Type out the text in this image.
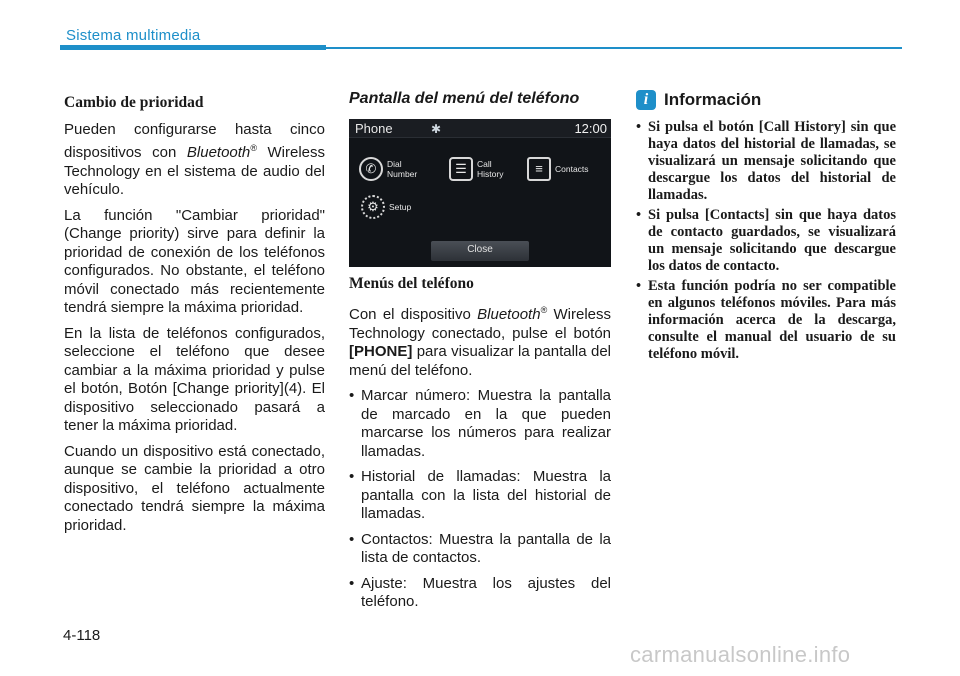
Sistema multimedia
Cambio de prioridad

Pueden configurarse hasta cinco dispositivos con Bluetooth® Wireless Technology en el sistema de audio del vehículo.

La función "Cambiar prioridad" (Change priority) sirve para definir la prioridad de conexión de los teléfonos configurados. No obstante, el teléfono móvil conectado más recientemente tendrá siempre la máxima prioridad.

En la lista de teléfonos configurados, seleccione el teléfono que desee cambiar a la máxima prioridad y pulse el botón, Botón [Change priority](4). El dispositivo seleccionado pasará a tener la máxima prioridad.

Cuando un dispositivo está conectado, aunque se cambie la prioridad a otro dispositivo, el teléfono actualmente conectado tendrá siempre la máxima prioridad.

Pantalla del menú del teléfono
Phone	✱	12:00
✆	Dial
Number	☰	Call
History	≡	Contacts
⚙	Setup
Close
Menús del teléfono

Con el dispositivo Bluetooth® Wireless Technology conectado, pulse el botón [PHONE] para visualizar la pantalla del menú del teléfono.

• Marcar número: Muestra la pantalla de marcado en la que pueden marcarse los números para realizar llamadas.
• Historial de llamadas: Muestra la pantalla con la lista del historial de llamadas.
• Contactos: Muestra la pantalla de la lista de contactos.
• Ajuste: Muestra los ajustes del teléfono.
i Información
• Si pulsa el botón [Call History] sin que haya datos del historial de llamadas, se visualizará un mensaje solicitando que descargue los datos del historial de llamadas.
• Si pulsa [Contacts] sin que haya datos de contacto guardados, se visualizará un mensaje solicitando que descargue los datos de contacto.
• Esta función podría no ser compatible en algunos teléfonos móviles. Para más información acerca de la descarga, consulte el manual del usuario de su teléfono móvil.
4-118
carmanualsonline.info
